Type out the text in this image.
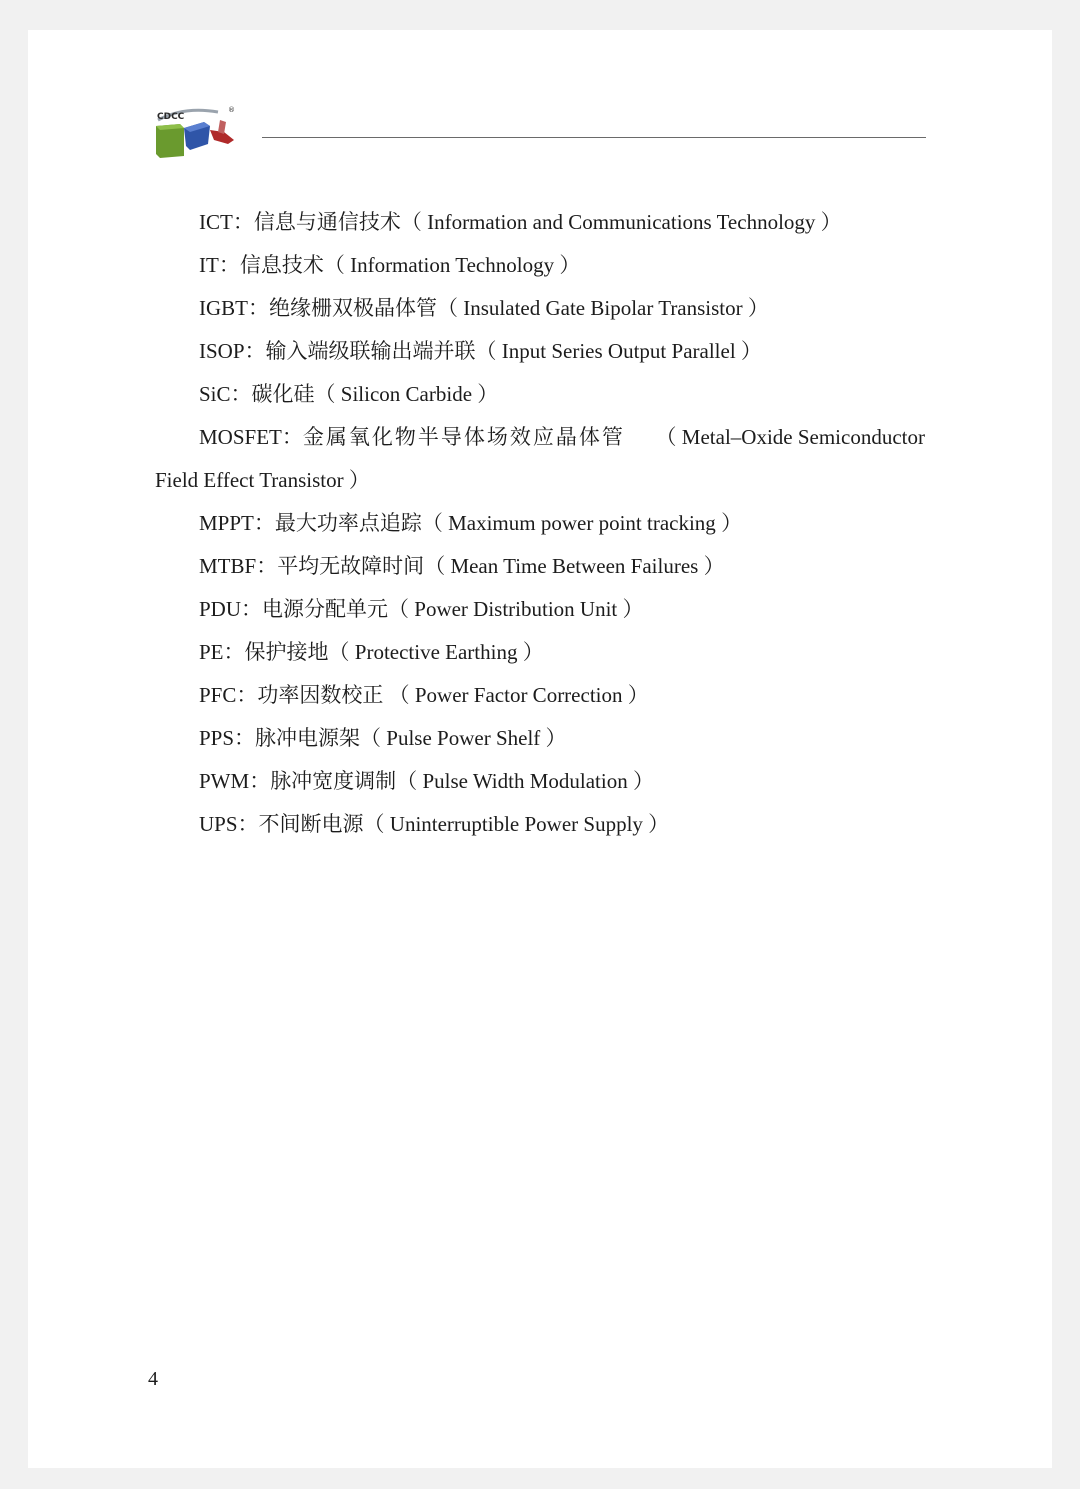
CDCC
®
ICT：信息与通信技术（ Information and Communications Technology ）
IT：信息技术（ Information Technology ）
IGBT：绝缘栅双极晶体管（ Insulated Gate Bipolar Transistor ）
ISOP：输入端级联输出端并联（ Input Series Output Parallel ）
SiC：碳化硅（ Silicon Carbide ）
MOSFET：金属氧化物半导体场效应晶体管 （ Metal–Oxide Semiconductor
Field Effect Transistor ）
MPPT：最大功率点追踪（ Maximum power point tracking ）
MTBF：平均无故障时间（ Mean Time Between Failures ）
PDU：电源分配单元（ Power Distribution Unit ）
PE：保护接地（ Protective Earthing ）
PFC：功率因数校正 （ Power Factor Correction ）
PPS：脉冲电源架（ Pulse Power Shelf ）
PWM：脉冲宽度调制（ Pulse Width Modulation ）
UPS：不间断电源（ Uninterruptible Power Supply ）
4
